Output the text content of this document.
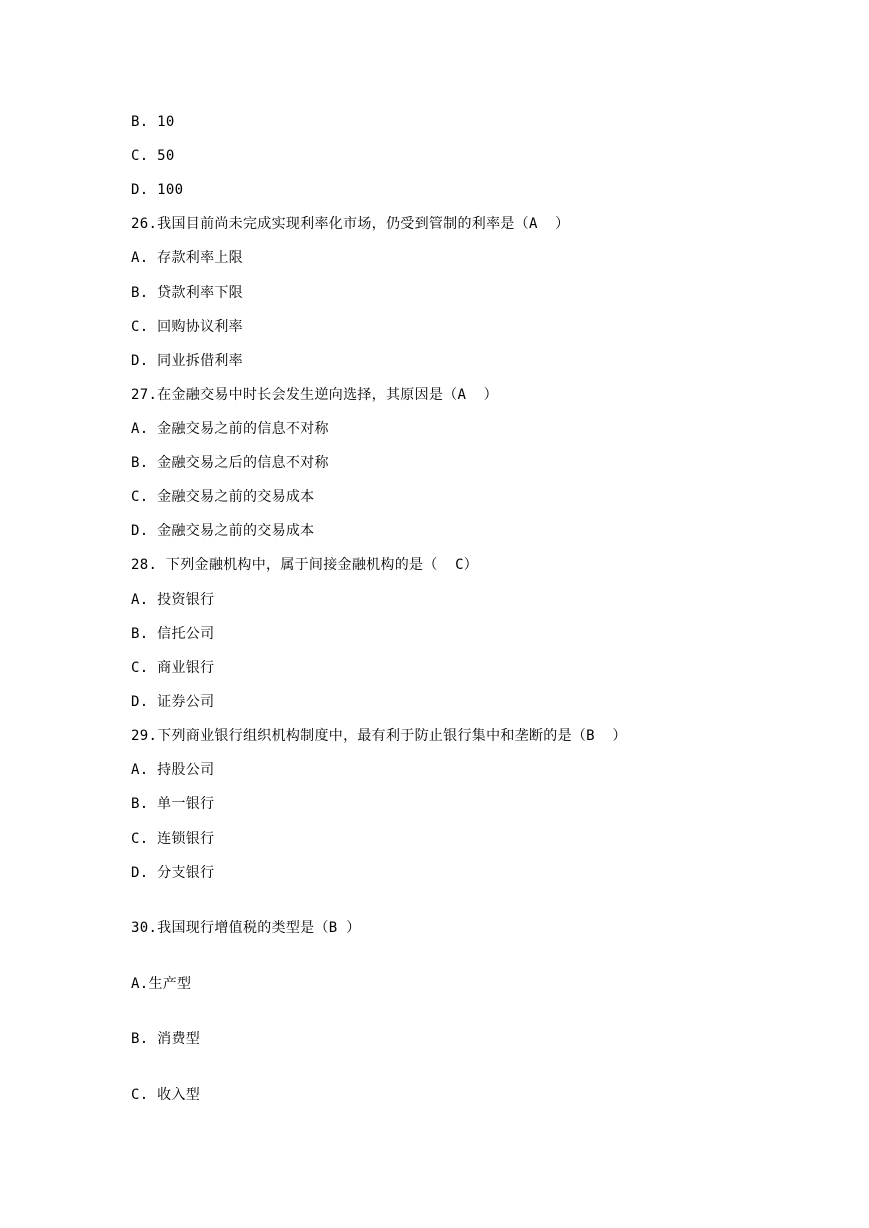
B. 10
C. 50
D. 100
26.我国目前尚未完成实现利率化市场，仍受到管制的利率是（A  ）
A. 存款利率上限
B. 贷款利率下限
C. 回购协议利率
D. 同业拆借利率
27.在金融交易中时长会发生逆向选择，其原因是（A  ）
A. 金融交易之前的信息不对称
B. 金融交易之后的信息不对称
C. 金融交易之前的交易成本
D. 金融交易之前的交易成本
28. 下列金融机构中，属于间接金融机构的是（  C）
A. 投资银行
B. 信托公司
C. 商业银行
D. 证券公司
29.下列商业银行组织机构制度中，最有利于防止银行集中和垄断的是（B  ）
A. 持股公司
B. 单一银行
C. 连锁银行
D. 分支银行
30.我国现行增值税的类型是（B ）
A.生产型
B. 消费型
C. 收入型
